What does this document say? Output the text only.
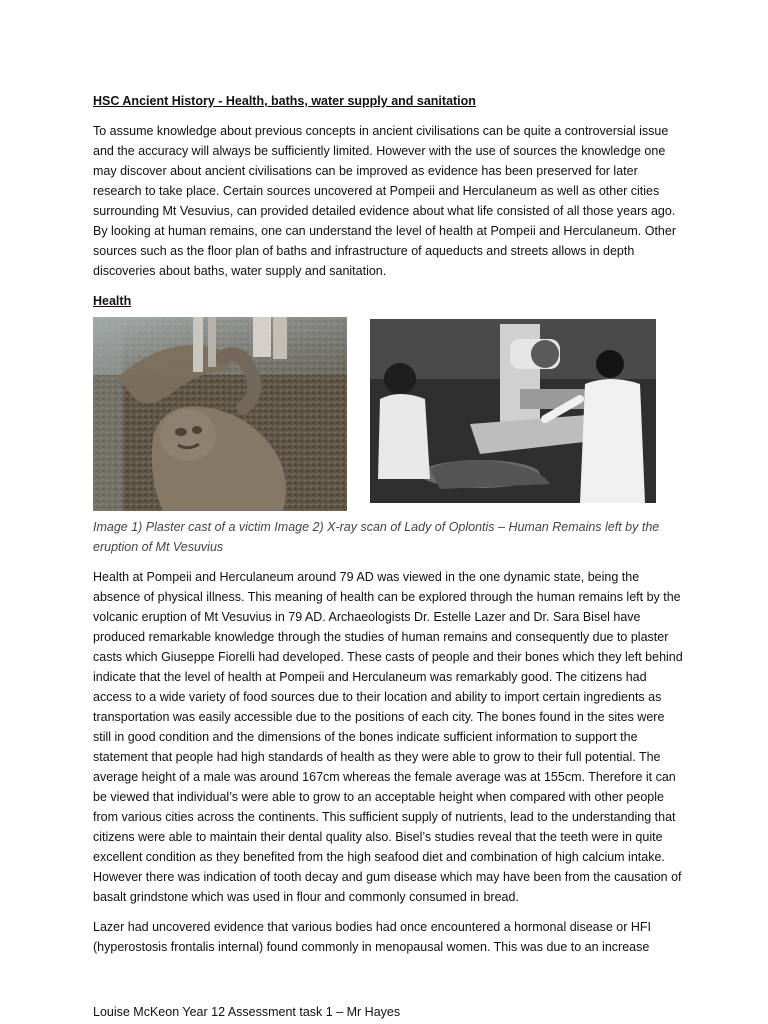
HSC Ancient History - Health, baths, water supply and sanitation

To assume knowledge about previous concepts in ancient civilisations can be quite a controversial issue and the accuracy will always be sufficiently limited. However with the use of sources the knowledge one may discover about ancient civilisations can be improved as evidence has been preserved for later research to take place. Certain sources uncovered at Pompeii and Herculaneum as well as other cities surrounding Mt Vesuvius, can provided detailed evidence about what life consisted of all those years ago. By looking at human remains, one can understand the level of health at Pompeii and Herculaneum. Other sources such as the floor plan of baths and infrastructure of aqueducts and streets allows in depth discoveries about baths, water supply and sanitation.

Health

Image 1) Plaster cast of a victim Image 2) X-ray scan of Lady of Oplontis – Human Remains left by the eruption of Mt Vesuvius

Health at Pompeii and Herculaneum around 79 AD was viewed in the one dynamic state, being the absence of physical illness. This meaning of health can be explored through the human remains left by the volcanic eruption of Mt Vesuvius in 79 AD. Archaeologists Dr. Estelle Lazer and Dr. Sara Bisel have produced remarkable knowledge through the studies of human remains and consequently due to plaster casts which Giuseppe Fiorelli had developed. These casts of people and their bones which they left behind indicate that the level of health at Pompeii and Herculaneum was remarkably good. The citizens had access to a wide variety of food sources due to their location and ability to import certain ingredients as transportation was easily accessible due to the positions of each city. The bones found in the sites were still in good condition and the dimensions of the bones indicate sufficient information to support the statement that people had high standards of health as they were able to grow to their full potential. The average height of a male was around 167cm whereas the female average was at 155cm. Therefore it can be viewed that individual’s were able to grow to an acceptable height when compared with other people from various cities across the continents. This sufficient supply of nutrients, lead to the understanding that citizens were able to maintain their dental quality also. Bisel’s studies reveal that the teeth were in quite excellent condition as they benefited from the high seafood diet and combination of high calcium intake. However there was indication of tooth decay and gum disease which may have been from the causation of basalt grindstone which was used in flour and commonly consumed in bread.

Lazer had uncovered evidence that various bodies had once encountered a hormonal disease or HFI (hyperostosis frontalis internal) found commonly in menopausal women. This was due to an increase

Louise McKeon Year 12 Assessment task 1 – Mr Hayes
